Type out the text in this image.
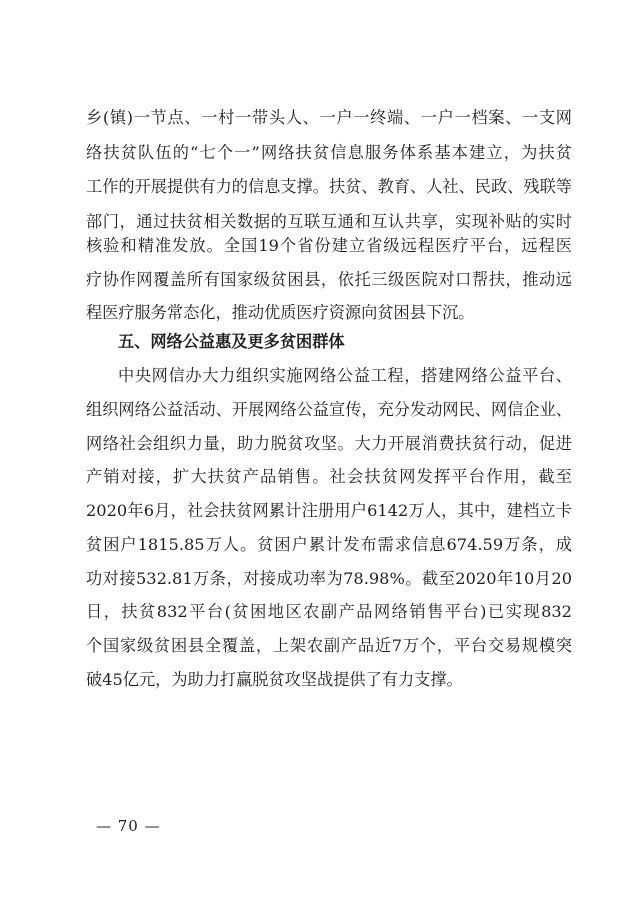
乡(镇)一节点、一村一带头人、一户一终端、一户一档案、一支网
络扶贫队伍的“七个一”网络扶贫信息服务体系基本建立，为扶贫
工作的开展提供有力的信息支撑。扶贫、教育、人社、民政、残联等
部门，通过扶贫相关数据的互联互通和互认共享，实现补贴的实时
核验和精准发放。全国19个省份建立省级远程医疗平台，远程医
疗协作网覆盖所有国家级贫困县，依托三级医院对口帮扶，推动远
程医疗服务常态化，推动优质医疗资源向贫困县下沉。
五、网络公益惠及更多贫困群体
中央网信办大力组织实施网络公益工程，搭建网络公益平台、
组织网络公益活动、开展网络公益宣传，充分发动网民、网信企业、
网络社会组织力量，助力脱贫攻坚。大力开展消费扶贫行动，促进
产销对接，扩大扶贫产品销售。社会扶贫网发挥平台作用，截至
2020年6月，社会扶贫网累计注册用户6142万人，其中，建档立卡
贫困户1815.85万人。贫困户累计发布需求信息674.59万条，成
功对接532.81万条，对接成功率为78.98%。截至2020年10月20
日，扶贫832平台(贫困地区农副产品网络销售平台)已实现832
个国家级贫困县全覆盖，上架农副产品近7万个，平台交易规模突
破45亿元，为助力打赢脱贫攻坚战提供了有力支撑。
— 70 —
